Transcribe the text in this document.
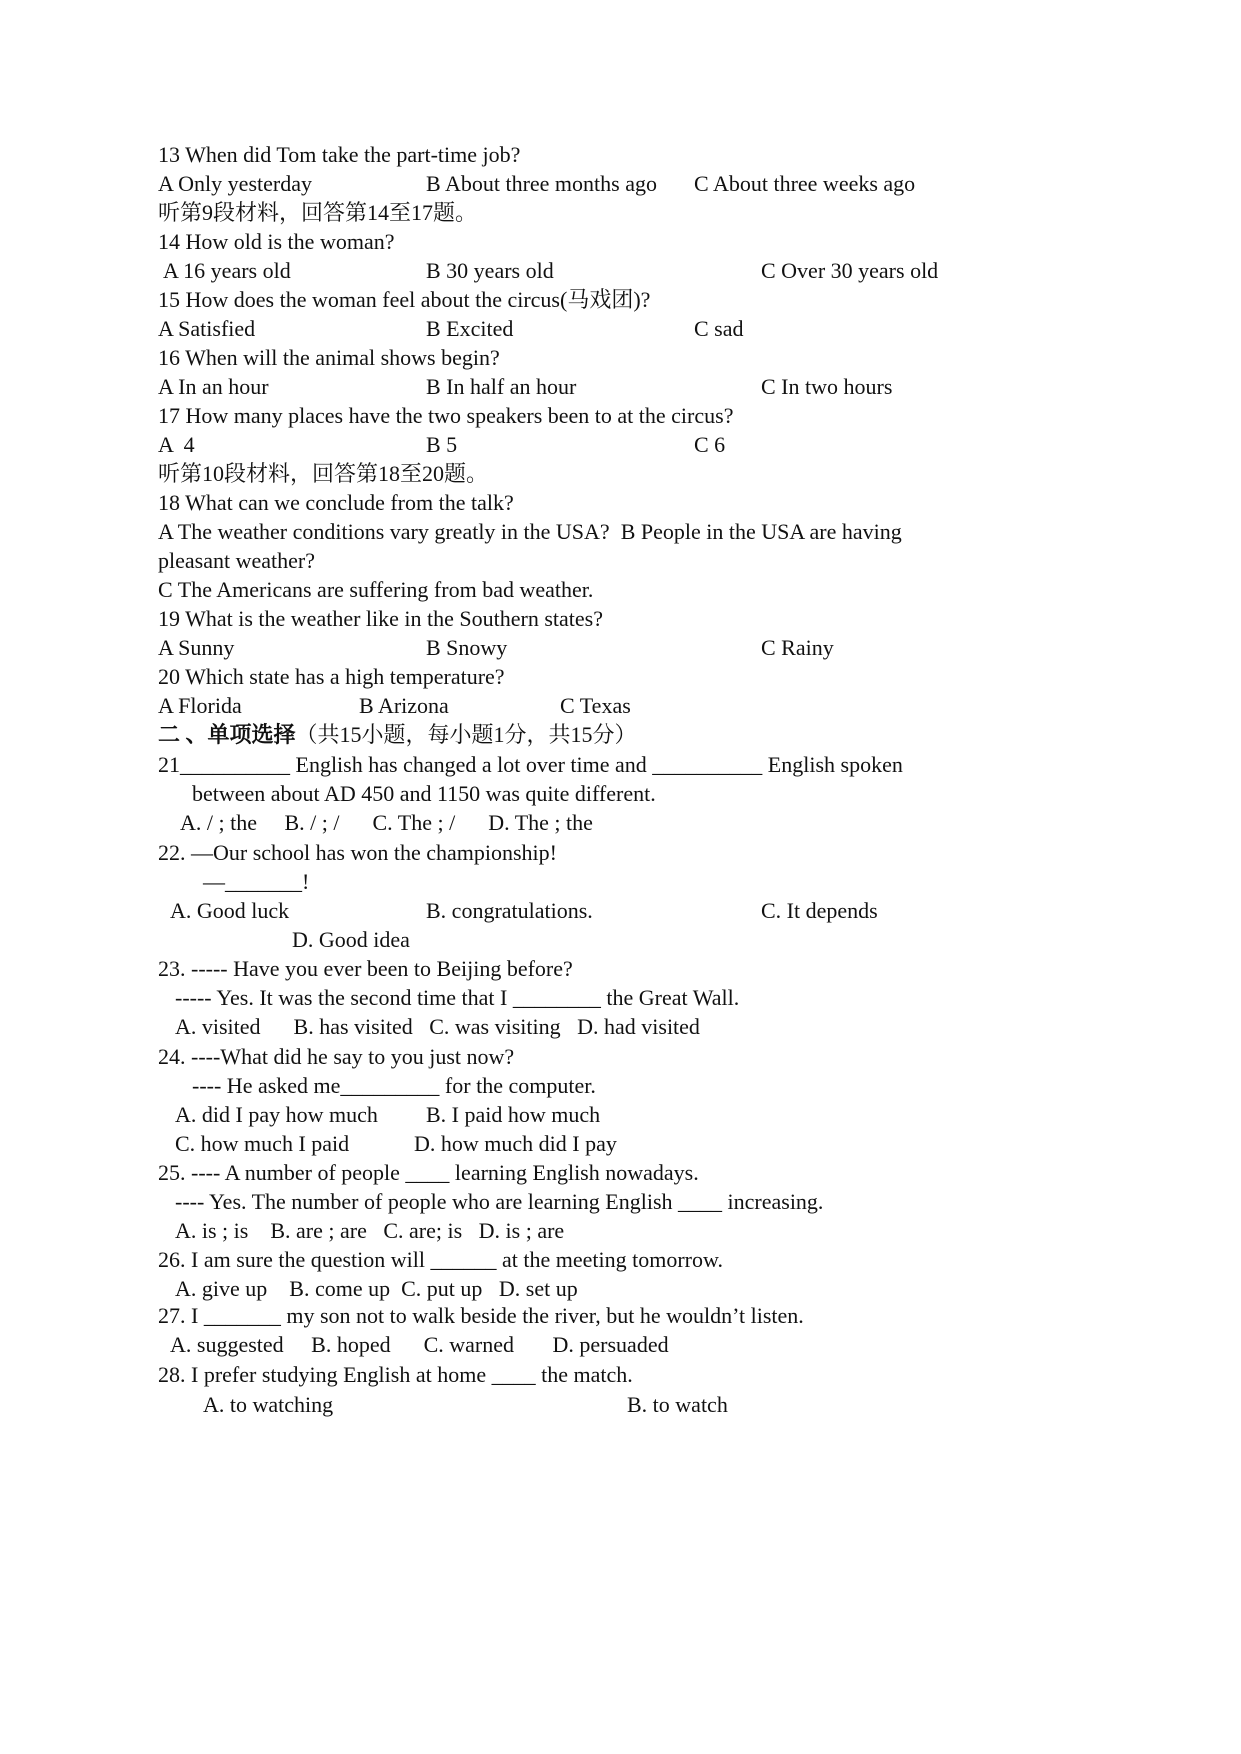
13 When did Tom take the part-time job?
A Only yesterday	B About three months ago C About three weeks ago
听第9段材料，回答第14至17题。
14 How old is the woman?
A 16 years old	B 30 years old	C Over 30 years old
15 How does the woman feel about the circus(马戏团)?
A Satisfied	B Excited	C sad
16 When will the animal shows begin?
A In an hour	B In half an hour	C In two hours
17 How many places have the two speakers been to at the circus?
A  4	B 5	C 6
听第10段材料，回答第18至20题。
18 What can we conclude from the talk?
A The weather conditions vary greatly in the USA?  B People in the USA are having
pleasant weather?
C The Americans are suffering from bad weather.
19 What is the weather like in the Southern states?
A Sunny	B Snowy	C Rainy
20 Which state has a high temperature?
A Florida	B Arizona	C Texas
二 、单项选择（共15小题，每小题1分，共15分）
21__________ English has changed a lot over time and __________ English spoken
between about AD 450 and 1150 was quite different.
A. / ; the     B. / ; /      C. The ; /      D. The ; the
22. —Our school has won the championship!
—_______!
A. Good luck	B. congratulations.	C. It depends
D. Good idea
23. ----- Have you ever been to Beijing before?
----- Yes. It was the second time that I ________ the Great Wall.
A. visited      B. has visited   C. was visiting   D. had visited
24. ----What did he say to you just now?
---- He asked me_________ for the computer.
A. did I pay how much B. I paid how much
C. how much I paid	D. how much did I pay
25. ---- A number of people ____ learning English nowadays.
---- Yes. The number of people who are learning English ____ increasing.
A. is ; is    B. are ; are   C. are; is   D. is ; are
26. I am sure the question will ______ at the meeting tomorrow.
A. give up    B. come up  C. put up   D. set up
27. I _______ my son not to walk beside the river, but he wouldn’t listen.
A. suggested     B. hoped      C. warned       D. persuaded
28. I prefer studying English at home ____ the match.
A. to watching	B. to watch
